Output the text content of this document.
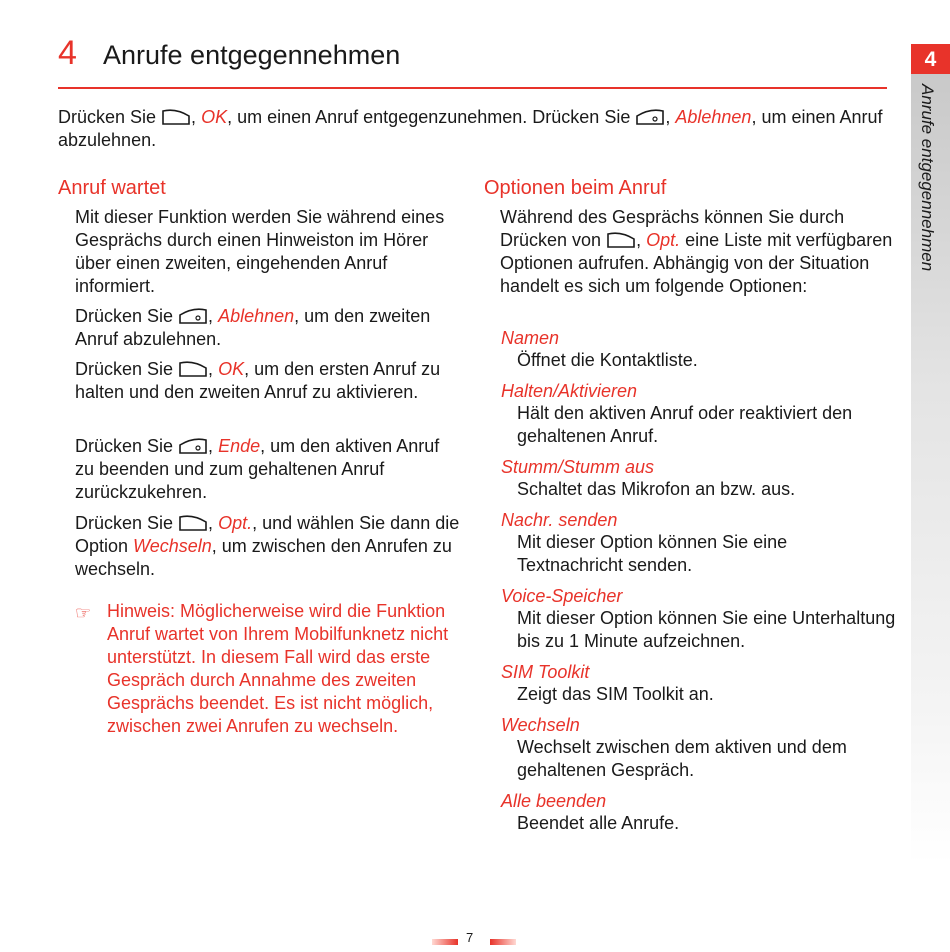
4 Anrufe entgegennehmen	4
Anrufe entgegennehmen

Drücken Sie , OK, um einen Anruf entgegenzunehmen. Drücken Sie , Ablehnen, um einen Anruf abzulehnen.

Anruf wartet

Mit dieser Funktion werden Sie während eines Gesprächs durch einen Hinweiston im Hörer über einen zweiten, eingehenden Anruf informiert.

Drücken Sie , Ablehnen, um den zweiten Anruf abzulehnen.

Drücken Sie , OK, um den ersten Anruf zu halten und den zweiten Anruf zu aktivieren.

Drücken Sie , Ende, um den aktiven Anruf zu beenden und zum gehaltenen Anruf zurückzukehren.

Drücken Sie , Opt., und wählen Sie dann die Option Wechseln, um zwischen den Anrufen zu wechseln.

☞ Hinweis: Möglicherweise wird die Funktion Anruf wartet von Ihrem Mobilfunknetz nicht unterstützt. In diesem Fall wird das erste Gespräch durch Annahme des zweiten Gesprächs beendet. Es ist nicht möglich, zwischen zwei Anrufen zu wechseln.
Optionen beim Anruf

Während des Gesprächs können Sie durch Drücken von , Opt. eine Liste mit verfügbaren Optionen aufrufen. Abhängig von der Situation handelt es sich um folgende Optionen:

Namen
Öffnet die Kontaktliste.
Halten/Aktivieren
Hält den aktiven Anruf oder reaktiviert den gehaltenen Anruf.
Stumm/Stumm aus
Schaltet das Mikrofon an bzw. aus.
Nachr. senden
Mit dieser Option können Sie eine Textnachricht senden.
Voice-Speicher
Mit dieser Option können Sie eine Unterhaltung bis zu 1 Minute aufzeichnen.
SIM Toolkit
Zeigt das SIM Toolkit an.
Wechseln
Wechselt zwischen dem aktiven und dem gehaltenen Gespräch.
Alle beenden
Beendet alle Anrufe.
7
